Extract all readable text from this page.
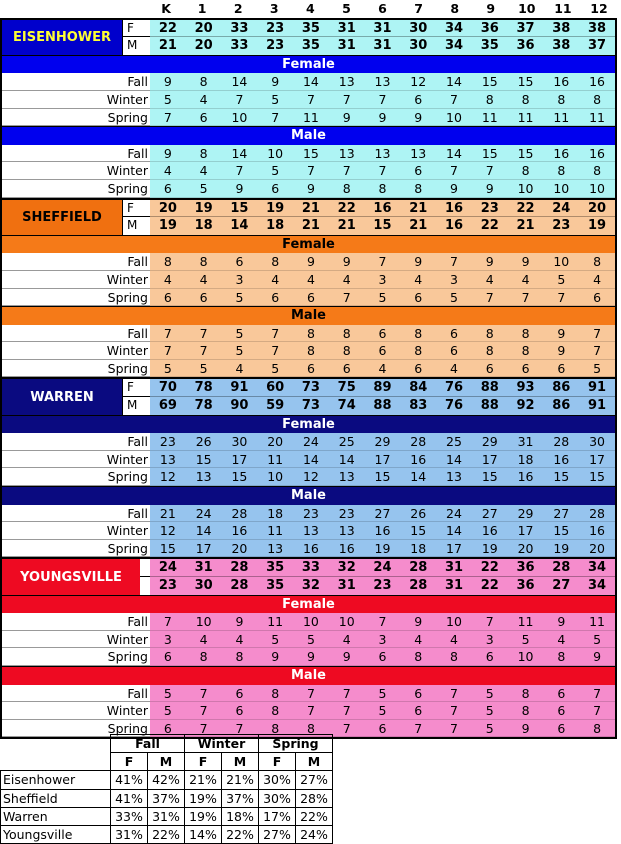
K	1	2	3	4	5	6	7	8	9	10	11	12
F	22	20	33	23	35	31	31	30	34	36	37	38	38
M	21	20	33	23	35	31	31	30	34	35	36	38	37
EISENHOWER
Female
Fall	9	8	14	9	14	13	13	12	14	15	15	16	16
Winter	5	4	7	5	7	7	7	6	7	8	8	8	8
Spring	7	6	10	7	11	9	9	9	10	11	11	11	11
Male
Fall	9	8	14	10	15	13	13	13	14	15	15	16	16
Winter	4	4	7	5	7	7	7	6	7	7	8	8	8
Spring	6	5	9	6	9	8	8	8	9	9	10	10	10
F	20	19	15	19	21	22	16	21	16	23	22	24	20
M	19	18	14	18	21	21	15	21	16	22	21	23	19
SHEFFIELD
Female
Fall	8	8	6	8	9	9	7	9	7	9	9	10	8
Winter	4	4	3	4	4	4	3	4	3	4	4	5	4
Spring	6	6	5	6	6	7	5	6	5	7	7	7	6
Male
Fall	7	7	5	7	8	8	6	8	6	8	8	9	7
Winter	7	7	5	7	8	8	6	8	6	8	8	9	7
Spring	5	5	4	5	6	6	4	6	4	6	6	6	5
F	70	78	91	60	73	75	89	84	76	88	93	86	91
M	69	78	90	59	73	74	88	83	76	88	92	86	91
WARREN
Female
Fall 23	26	30	20	24	25	29	28	25	29	31	28	30
Winter 13	15	17	11	14	14	17	16	14	17	18	16	17
Spring 12	13	15	10	12	13	15	14	13	15	16	15	15
Male
Fall 21	24	28	18	23	23	27	26	24	27	29	27	28
Winter 12	14	16	11	13	13	16	15	14	16	17	15	16
Spring 15	17	20	13	16	16	19	18	17	19	20	19	20
24	31	28	35	33	32	24	28	31	22	36	28	34
23	30	28	35	32	31	23	28	31	22	36	27	34
YOUNGSVILLE
Female
Fall	7	10	9	11	10	10	7	9	10	7	11	9	11
Winter	3	4	4	5	5	4	3	4	4	3	5	4	5
Spring	6	8	8	9	9	9	6	8	8	6	10	8	9
Male
Fall	5	7	6	8	7	7	5	6	7	5	8	6	7
Winter	5	7	6	8	7	7	5	6	7	5	8	6	7
Spring	6	7	7	8	8	7	6	7	7	5	9	6	8
	Fall		Winter		Spring	
	F	M	F	M	F	M
Eisenhower	41%	42%	21%	21%	30%	27%
Sheffield	41%	37%	19%	37%	30%	28%
Warren	33%	31%	19%	18%	17%	22%
Youngsville	31%	22%	14%	22%	27%	24%
